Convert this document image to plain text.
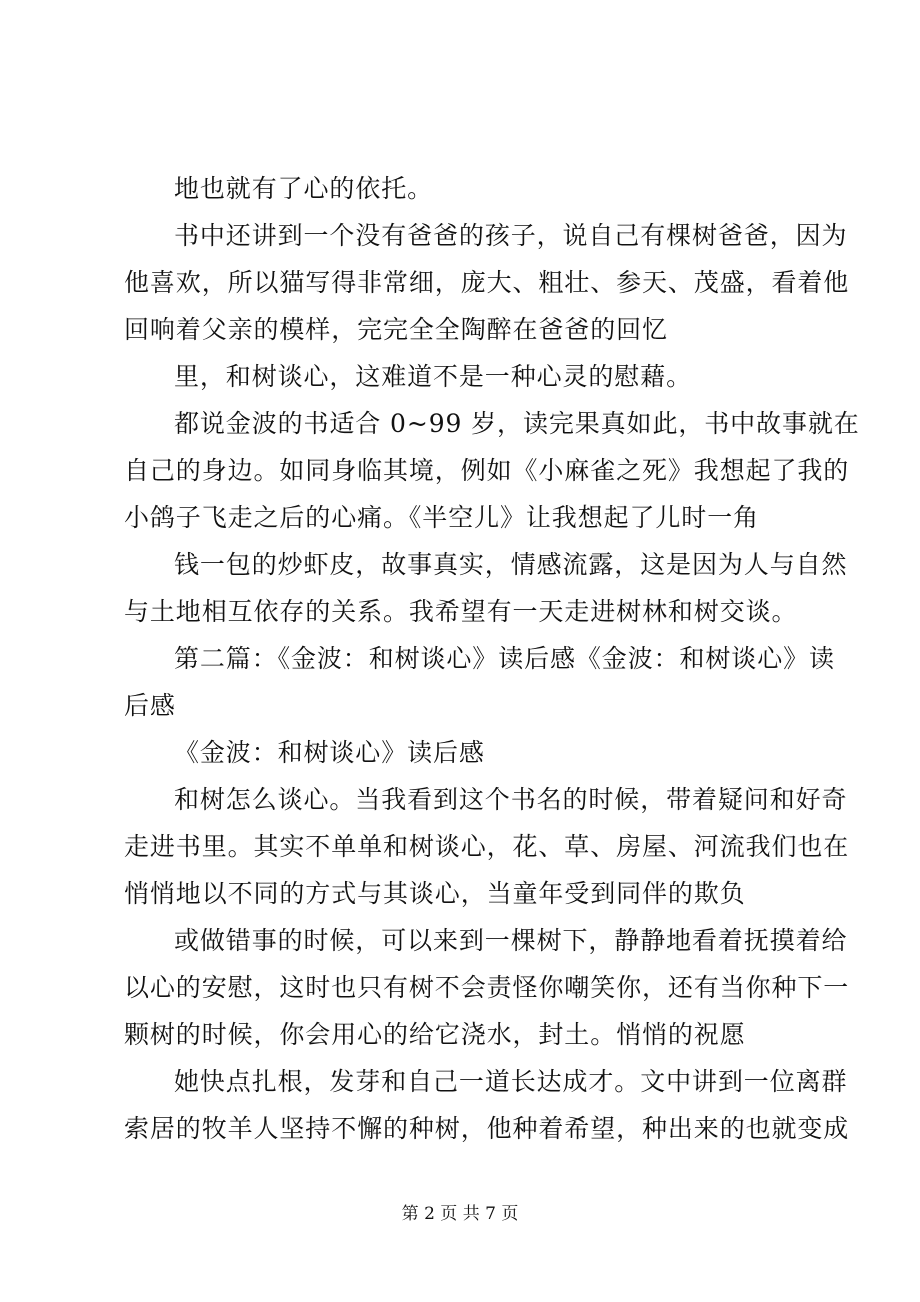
地也就有了心的依托。
书中还讲到一个没有爸爸的孩子，说自己有棵树爸爸，因为
他喜欢，所以猫写得非常细，庞大、粗壮、参天、茂盛，看着他
回响着父亲的模样，完完全全陶醉在爸爸的回忆
里，和树谈心，这难道不是一种心灵的慰藉。
都说金波的书适合 0~99 岁，读完果真如此，书中故事就在
自己的身边。如同身临其境，例如《小麻雀之死》我想起了我的
小鸽子飞走之后的心痛。《半空儿》让我想起了儿时一角
钱一包的炒虾皮，故事真实，情感流露，这是因为人与自然
与土地相互依存的关系。我希望有一天走进树林和树交谈。
第二篇：《金波：和树谈心》读后感《金波：和树谈心》读
后感
《金波：和树谈心》读后感
和树怎么谈心。当我看到这个书名的时候，带着疑问和好奇
走进书里。其实不单单和树谈心，花、草、房屋、河流我们也在
悄悄地以不同的方式与其谈心，当童年受到同伴的欺负
或做错事的时候，可以来到一棵树下，静静地看着抚摸着给
以心的安慰，这时也只有树不会责怪你嘲笑你，还有当你种下一
颗树的时候，你会用心的给它浇水，封土。悄悄的祝愿
她快点扎根，发芽和自己一道长达成才。文中讲到一位离群
索居的牧羊人坚持不懈的种树，他种着希望，种出来的也就变成
第 2 页 共 7 页
